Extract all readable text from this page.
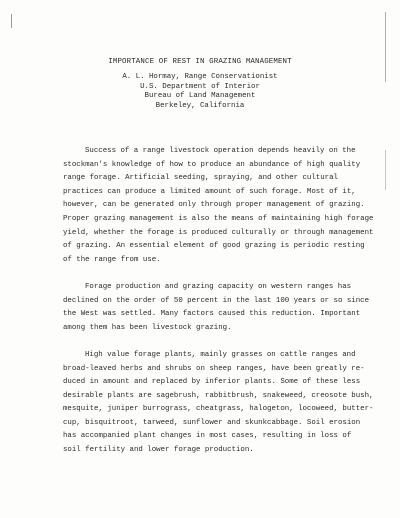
IMPORTANCE OF REST IN GRAZING MANAGEMENT
A. L. Hormay, Range Conservationist
U.S. Department of Interior
Bureau of Land Management
Berkeley, California

Success of a range livestock operation depends heavily on the
stockman's knowledge of how to produce an abundance of high quality
range forage. Artificial seeding, spraying, and other cultural
practices can produce a limited amount of such forage. Most of it,
however, can be generated only through proper management of grazing.
Proper grazing management is also the means of maintaining high forage
yield, whether the forage is produced culturally or through management
of grazing. An essential element of good grazing is periodic resting
of the range from use.

Forage production and grazing capacity on western ranges has
declined on the order of 50 percent in the last 100 years or so since
the West was settled. Many factors caused this reduction. Important
among them has been livestock grazing.

High value forage plants, mainly grasses on cattle ranges and
broad-leaved herbs and shrubs on sheep ranges, have been greatly re-
duced in amount and replaced by inferior plants. Some of these less
desirable plants are sagebrush, rabbitbrush, snakeweed, creosote bush,
mesquite, juniper burrograss, cheatgrass, halogeton, locoweed, butter-
cup, bisquitroot, tarweed, sunflower and skunkcabbage. Soil erosion
has accompanied plant changes in most cases, resulting in loss of
soil fertility and lower forage production.
